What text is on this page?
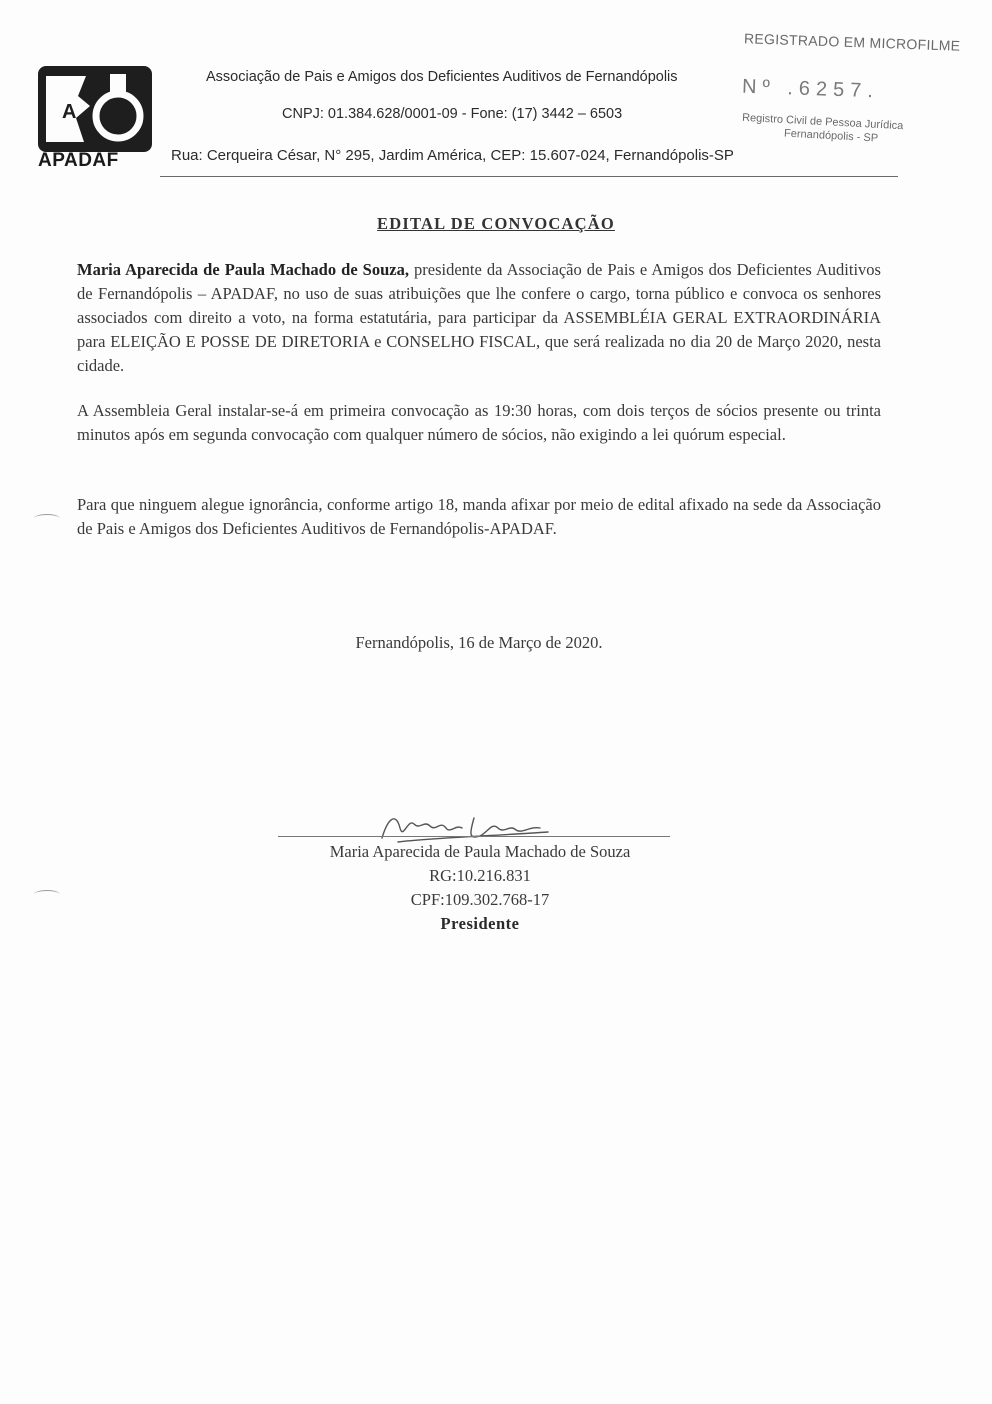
A
APADAF
Associação de Pais e Amigos dos Deficientes Auditivos de Fernandópolis
CNPJ: 01.384.628/0001-09 - Fone: (17) 3442 – 6503
Rua: Cerqueira César, N° 295, Jardim América, CEP: 15.607-024, Fernandópolis-SP
REGISTRADO EM MICROFILME
Nº .6257.
Registro Civil de Pessoa Jurídica
Fernandópolis - SP
EDITAL DE CONVOCAÇÃO
Maria Aparecida de Paula Machado de Souza, presidente da Associação de Pais e Amigos dos Deficientes Auditivos de Fernandópolis – APADAF, no uso de suas atribuições que lhe confere o cargo, torna público e convoca os senhores associados com direito a voto, na forma estatutária, para participar da ASSEMBLÉIA GERAL EXTRAORDINÁRIA para ELEIÇÃO E POSSE DE DIRETORIA e CONSELHO FISCAL, que será realizada no dia 20 de Março 2020, nesta cidade.
A Assembleia Geral instalar-se-á em primeira convocação as 19:30 horas, com dois terços de sócios presente ou trinta minutos após em segunda convocação com qualquer número de sócios, não exigindo a lei quórum especial.
Para que ninguem alegue ignorância, conforme artigo 18, manda afixar por meio de edital afixado na sede da Associação de Pais e Amigos dos Deficientes Auditivos de Fernandópolis-APADAF.
Fernandópolis, 16 de Março de 2020.
Maria Aparecida de Paula Machado de Souza
RG:10.216.831
CPF:109.302.768-17
Presidente
